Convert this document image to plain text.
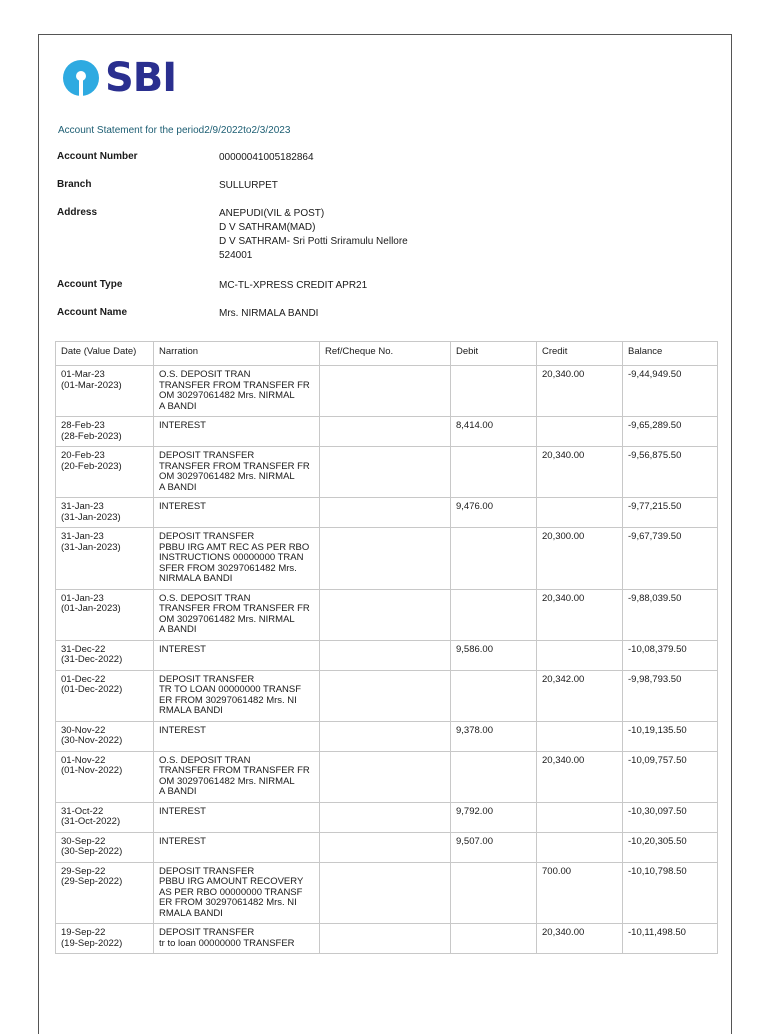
SBI
Account Statement for the period2/9/2022to2/3/2023
Account Number	00000041005182864
Branch	SULLURPET
Address	ANEPUDI(VIL & POST)
D V SATHRAM(MAD)
D V SATHRAM- Sri Potti Sriramulu Nellore
524001
Account Type	MC-TL-XPRESS CREDIT APR21
Account Name	Mrs. NIRMALA BANDI
Date (Value Date)	Narration	Ref/Cheque No.	Debit	Credit	Balance

01-Mar-23
(01-Mar-2023)	O.S. DEPOSIT TRAN
TRANSFER FROM TRANSFER FR
OM 30297061482 Mrs. NIRMAL
A BANDI			20,340.00	-9,44,949.50

28-Feb-23
(28-Feb-2023)	INTEREST		8,414.00		-9,65,289.50

20-Feb-23
(20-Feb-2023)	DEPOSIT TRANSFER
TRANSFER FROM TRANSFER FR
OM 30297061482 Mrs. NIRMAL
A BANDI			20,340.00	-9,56,875.50

31-Jan-23
(31-Jan-2023)	INTEREST		9,476.00		-9,77,215.50

31-Jan-23
(31-Jan-2023)	DEPOSIT TRANSFER
PBBU IRG AMT REC AS PER RBO
INSTRUCTIONS 00000000 TRAN
SFER FROM 30297061482 Mrs.
NIRMALA BANDI			20,300.00	-9,67,739.50

01-Jan-23
(01-Jan-2023)	O.S. DEPOSIT TRAN
TRANSFER FROM TRANSFER FR
OM 30297061482 Mrs. NIRMAL
A BANDI			20,340.00	-9,88,039.50

31-Dec-22
(31-Dec-2022)	INTEREST		9,586.00		-10,08,379.50

01-Dec-22
(01-Dec-2022)	DEPOSIT TRANSFER
TR TO LOAN 00000000 TRANSF
ER FROM 30297061482 Mrs. NI
RMALA BANDI			20,342.00	-9,98,793.50

30-Nov-22
(30-Nov-2022)	INTEREST		9,378.00		-10,19,135.50

01-Nov-22
(01-Nov-2022)	O.S. DEPOSIT TRAN
TRANSFER FROM TRANSFER FR
OM 30297061482 Mrs. NIRMAL
A BANDI			20,340.00	-10,09,757.50

31-Oct-22
(31-Oct-2022)	INTEREST		9,792.00		-10,30,097.50

30-Sep-22
(30-Sep-2022)	INTEREST		9,507.00		-10,20,305.50

29-Sep-22
(29-Sep-2022)	DEPOSIT TRANSFER
PBBU IRG AMOUNT RECOVERY
AS PER RBO 00000000 TRANSF
ER FROM 30297061482 Mrs. NI
RMALA BANDI			700.00	-10,10,798.50

19-Sep-22
(19-Sep-2022)	DEPOSIT TRANSFER
tr to loan 00000000 TRANSFER			20,340.00	-10,11,498.50
